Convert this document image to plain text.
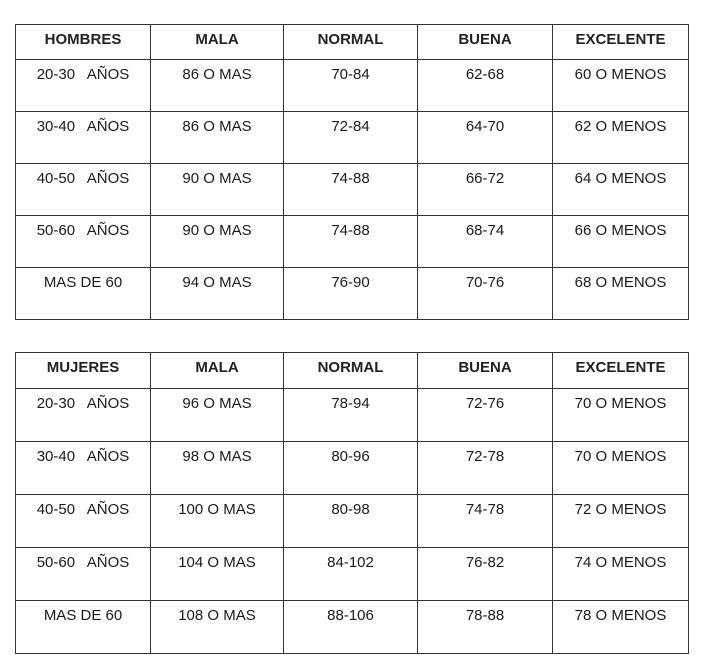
HOMBRES	MALA	NORMAL	BUENA	EXCELENTE
20-30   AÑOS	86 O MAS	70-84	62-68	60 O MENOS
30-40   AÑOS	86 O MAS	72-84	64-70	62 O MENOS
40-50   AÑOS	90 O MAS	74-88	66-72	64 O MENOS
50-60   AÑOS	90 O MAS	74-88	68-74	66 O MENOS
MAS DE 60	94 O MAS	76-90	70-76	68 O MENOS
MUJERES	MALA	NORMAL	BUENA	EXCELENTE
20-30   AÑOS	96 O MAS	78-94	72-76	70 O MENOS
30-40   AÑOS	98 O MAS	80-96	72-78	70 O MENOS
40-50   AÑOS	100 O MAS	80-98	74-78	72 O MENOS
50-60   AÑOS	104 O MAS	84-102	76-82	74 O MENOS
MAS DE 60	108 O MAS	88-106	78-88	78 O MENOS
